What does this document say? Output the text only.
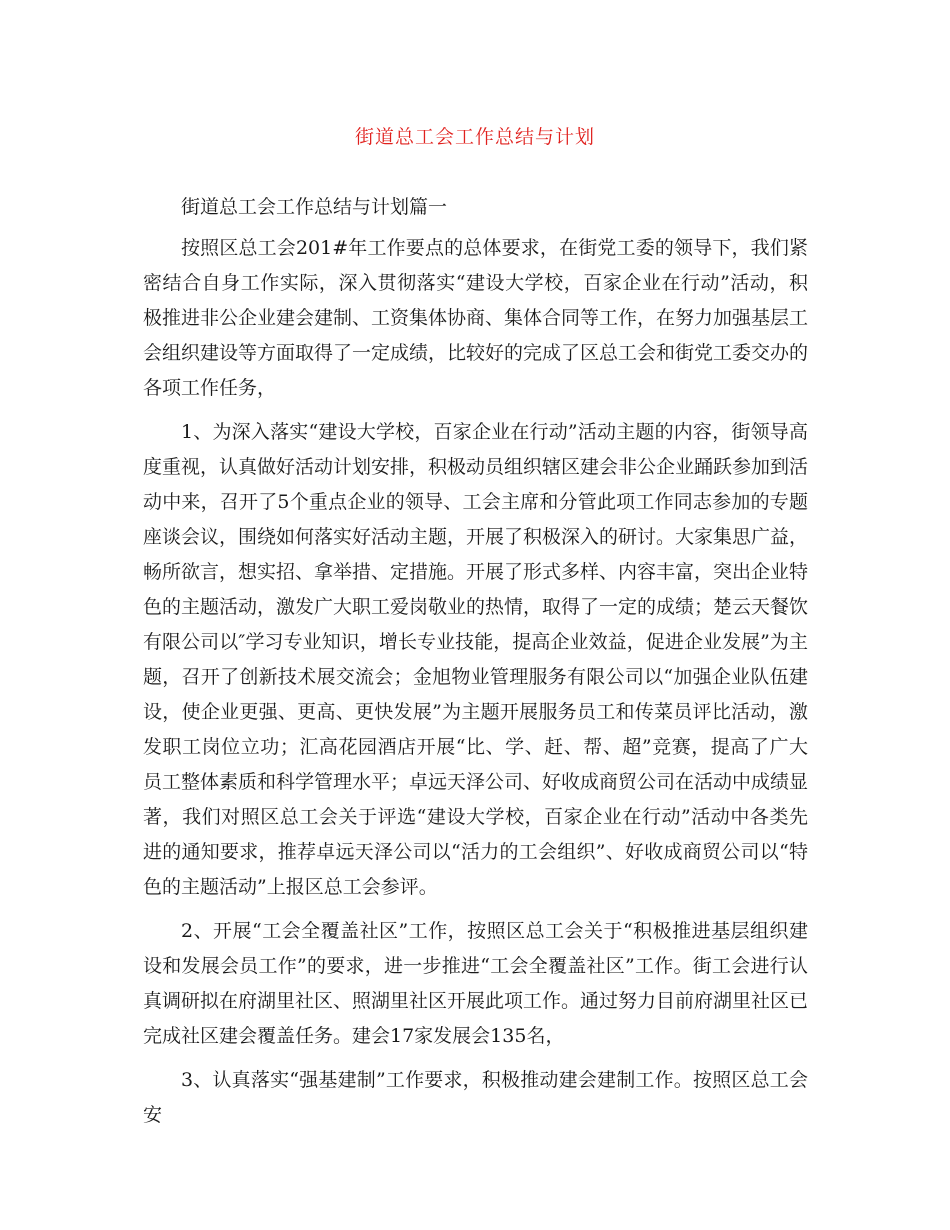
街道总工会工作总结与计划

街道总工会工作总结与计划篇一

按照区总工会201#年工作要点的总体要求，在街党工委的领导下，我们紧密结合自身工作实际，深入贯彻落实“建设大学校，百家企业在行动”活动，积极推进非公企业建会建制、工资集体协商、集体合同等工作，在努力加强基层工会组织建设等方面取得了一定成绩，比较好的完成了区总工会和街党工委交办的各项工作任务，

1、为深入落实“建设大学校，百家企业在行动”活动主题的内容，街领导高度重视，认真做好活动计划安排，积极动员组织辖区建会非公企业踊跃参加到活动中来，召开了5个重点企业的领导、工会主席和分管此项工作同志参加的专题座谈会议，围绕如何落实好活动主题，开展了积极深入的研讨。大家集思广益，畅所欲言，想实招、拿举措、定措施。开展了形式多样、内容丰富，突出企业特色的主题活动，激发广大职工爱岗敬业的热情，取得了一定的成绩；楚云天餐饮有限公司以″学习专业知识，增长专业技能，提高企业效益，促进企业发展”为主题，召开了创新技术展交流会；金旭物业管理服务有限公司以“加强企业队伍建设，使企业更强、更高、更快发展”为主题开展服务员工和传菜员评比活动，激发职工岗位立功；汇高花园酒店开展“比、学、赶、帮、超”竞赛，提高了广大员工整体素质和科学管理水平；卓远天泽公司、好收成商贸公司在活动中成绩显著，我们对照区总工会关于评选“建设大学校，百家企业在行动”活动中各类先进的通知要求，推荐卓远天泽公司以“活力的工会组织”、好收成商贸公司以“特色的主题活动”上报区总工会参评。

2、开展“工会全覆盖社区”工作，按照区总工会关于“积极推进基层组织建设和发展会员工作”的要求，进一步推进“工会全覆盖社区”工作。街工会进行认真调研拟在府湖里社区、照湖里社区开展此项工作。通过努力目前府湖里社区已完成社区建会覆盖任务。建会17家发展会135名，

3、认真落实“强基建制”工作要求，积极推动建会建制工作。按照区总工会安
